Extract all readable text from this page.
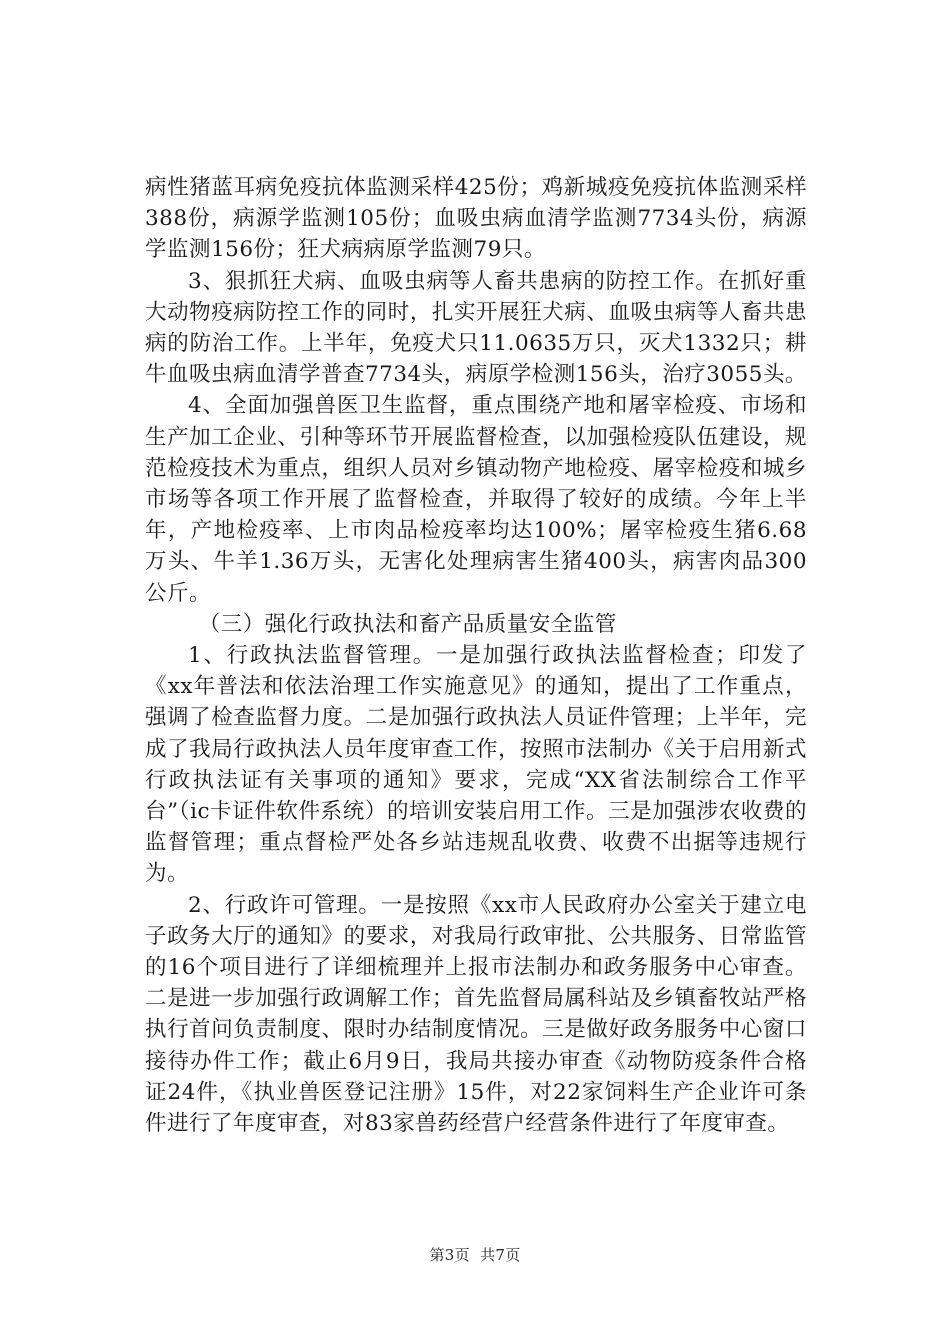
病性猪蓝耳病免疫抗体监测采样425份；鸡新城疫免疫抗体监测采样388份，病源学监测105份；血吸虫病血清学监测7734头份，病源学监测156份；狂犬病病原学监测79只。

3、狠抓狂犬病、血吸虫病等人畜共患病的防控工作。在抓好重大动物疫病防控工作的同时，扎实开展狂犬病、血吸虫病等人畜共患病的防治工作。上半年，免疫犬只11.0635万只，灭犬1332只；耕牛血吸虫病血清学普查7734头，病原学检测156头，治疗3055头。

4、全面加强兽医卫生监督，重点围绕产地和屠宰检疫、市场和生产加工企业、引种等环节开展监督检查，以加强检疫队伍建设，规范检疫技术为重点，组织人员对乡镇动物产地检疫、屠宰检疫和城乡市场等各项工作开展了监督检查，并取得了较好的成绩。今年上半年，产地检疫率、上市肉品检疫率均达100%；屠宰检疫生猪6.68万头、牛羊1.36万头，无害化处理病害生猪400头，病害肉品300公斤。

（三）强化行政执法和畜产品质量安全监管

1、行政执法监督管理。一是加强行政执法监督检查；印发了《xx年普法和依法治理工作实施意见》的通知，提出了工作重点，强调了检查监督力度。二是加强行政执法人员证件管理；上半年，完成了我局行政执法人员年度审查工作，按照市法制办《关于启用新式行政执法证有关事项的通知》要求，完成“XX省法制综合工作平台”（ic卡证件软件系统）的培训安装启用工作。三是加强涉农收费的监督管理；重点督检严处各乡站违规乱收费、收费不出据等违规行为。

2、行政许可管理。一是按照《xx市人民政府办公室关于建立电子政务大厅的通知》的要求，对我局行政审批、公共服务、日常监管的16个项目进行了详细梳理并上报市法制办和政务服务中心审查。二是进一步加强行政调解工作；首先监督局属科站及乡镇畜牧站严格执行首问负责制度、限时办结制度情况。三是做好政务服务中心窗口接待办件工作；截止6月9日，我局共接办审查《动物防疫条件合格证24件，《执业兽医登记注册》15件，对22家饲料生产企业许可条件进行了年度审查，对83家兽药经营户经营条件进行了年度审查。

第3页  共7页
